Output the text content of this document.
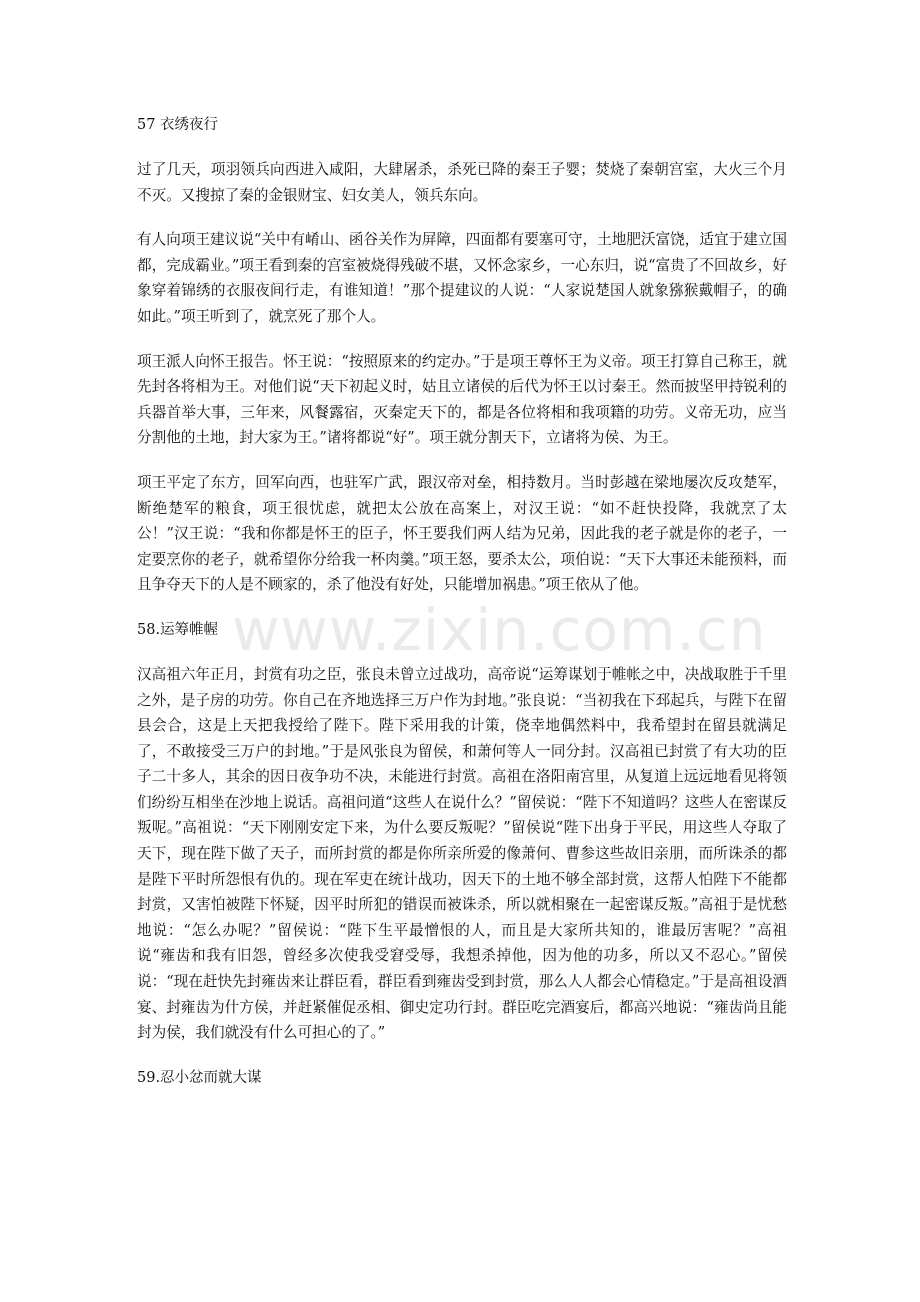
57 衣绣夜行

过了几天，项羽领兵向西进入咸阳，大肆屠杀，杀死已降的秦王子婴；焚烧了秦朝宫室，大火三个月不灭。又搜掠了秦的金银财宝、妇女美人，领兵东向。

有人向项王建议说“关中有崤山、函谷关作为屏障，四面都有要塞可守，土地肥沃富饶，适宜于建立国都，完成霸业。”项王看到秦的宫室被烧得残破不堪，又怀念家乡，一心东归，说“富贵了不回故乡，好象穿着锦绣的衣服夜间行走，有谁知道！”那个提建议的人说：“人家说楚国人就象猕猴戴帽子，的确如此。”项王听到了，就烹死了那个人。

项王派人向怀王报告。怀王说：“按照原来的约定办。”于是项王尊怀王为义帝。项王打算自己称王，就先封各将相为王。对他们说“天下初起义时，姑且立诸侯的后代为怀王以讨秦王。然而披坚甲持锐利的兵器首举大事，三年来，风餐露宿，灭秦定天下的，都是各位将相和我项籍的功劳。义帝无功，应当分割他的土地，封大家为王。”诸将都说“好”。项王就分割天下，立诸将为侯、为王。

项王平定了东方，回军向西，也驻军广武，跟汉帝对垒，相持数月。当时彭越在梁地屡次反攻楚军，断绝楚军的粮食，项王很忧虑，就把太公放在高案上，对汉王说：“如不赶快投降，我就烹了太公！”汉王说：“我和你都是怀王的臣子，怀王要我们两人结为兄弟，因此我的老子就是你的老子，一定要烹你的老子，就希望你分给我一杯肉羹。”项王怒，要杀太公，项伯说：“天下大事还未能预料，而且争夺天下的人是不顾家的，杀了他没有好处，只能增加祸患。”项王依从了他。

58.运筹帷幄

汉高祖六年正月，封赏有功之臣，张良未曾立过战功，高帝说“运筹谋划于帷帐之中，决战取胜于千里之外，是子房的功劳。你自己在齐地选择三万户作为封地。”张良说：“当初我在下邳起兵，与陛下在留县会合，这是上天把我授给了陛下。陛下采用我的计策，侥幸地偶然料中，我希望封在留县就满足了，不敢接受三万户的封地。”于是风张良为留侯，和萧何等人一同分封。汉高祖已封赏了有大功的臣子二十多人，其余的因日夜争功不决，未能进行封赏。高祖在洛阳南宫里，从复道上远远地看见将领们纷纷互相坐在沙地上说话。高祖问道“这些人在说什么？”留侯说：“陛下不知道吗？这些人在密谋反叛呢。”高祖说：“天下刚刚安定下来，为什么要反叛呢？”留侯说“陛下出身于平民，用这些人夺取了天下，现在陛下做了天子，而所封赏的都是你所亲所爱的像萧何、曹参这些故旧亲朋，而所诛杀的都是陛下平时所怨恨有仇的。现在军吏在统计战功，因天下的土地不够全部封赏，这帮人怕陛下不能都封赏，又害怕被陛下怀疑，因平时所犯的错误而被诛杀，所以就相聚在一起密谋反叛。”高祖于是忧愁地说：“怎么办呢？”留侯说：“陛下生平最憎恨的人，而且是大家所共知的，谁最厉害呢？”高祖说“雍齿和我有旧怨，曾经多次使我受窘受辱，我想杀掉他，因为他的功多，所以又不忍心。”留侯说：“现在赶快先封雍齿来让群臣看，群臣看到雍齿受到封赏，那么人人都会心情稳定。”于是高祖设酒宴、封雍齿为什方侯，并赶紧催促丞相、御史定功行封。群臣吃完酒宴后，都高兴地说：“雍齿尚且能封为侯，我们就没有什么可担心的了。”

59.忍小忿而就大谋
www.zixin.com.cn
